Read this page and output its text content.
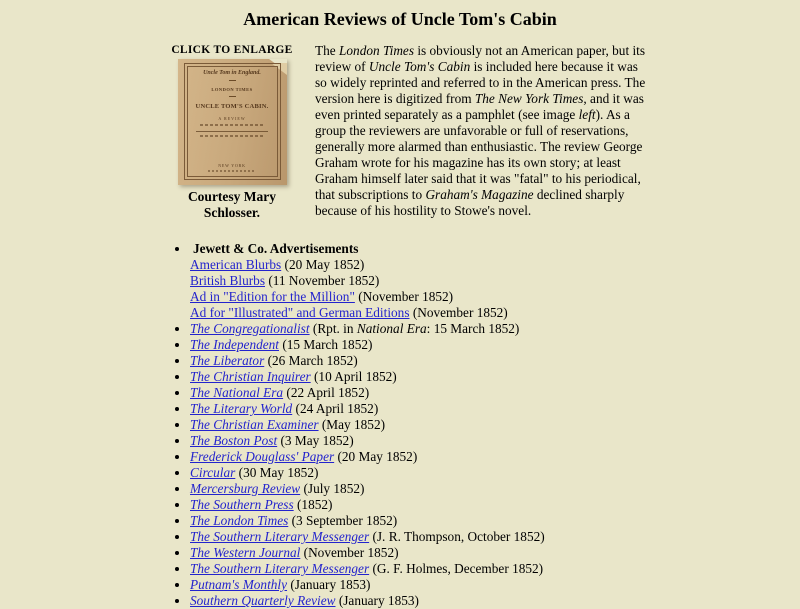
American Reviews of Uncle Tom's Cabin
CLICK TO ENLARGE
Uncle Tom in England.
LONDON TIMES
UNCLE TOM'S CABIN.
A REVIEW
NEW YORK
Courtesy Mary Schlosser.

The London Times is obviously not an American paper, but its review of Uncle Tom's Cabin is included here because it was so widely reprinted and referred to in the American press. The version here is digitized from The New York Times, and it was even printed separately as a pamphlet (see image left). As a group the reviewers are unfavorable or full of reservations, generally more alarmed than enthusiastic. The review George Graham wrote for his magazine has its own story; at least Graham himself later said that it was "fatal" to his periodical, that subscriptions to Graham's Magazine declined sharply because of his hostility to Stowe's novel.

• Jewett & Co. Advertisements
American Blurbs (20 May 1852)
British Blurbs (11 November 1852)
Ad in "Edition for the Million" (November 1852)
Ad for "Illustrated" and German Editions (November 1852)
• The Congregationalist (Rpt. in National Era: 15 March 1852)
• The Independent (15 March 1852)
• The Liberator (26 March 1852)
• The Christian Inquirer (10 April 1852)
• The National Era (22 April 1852)
• The Literary World (24 April 1852)
• The Christian Examiner (May 1852)
• The Boston Post (3 May 1852)
• Frederick Douglass' Paper (20 May 1852)
• Circular (30 May 1852)
• Mercersburg Review (July 1852)
• The Southern Press (1852)
• The London Times (3 September 1852)
• The Southern Literary Messenger (J. R. Thompson, October 1852)
• The Western Journal (November 1852)
• The Southern Literary Messenger (G. F. Holmes, December 1852)
• Putnam's Monthly (January 1853)
• Southern Quarterly Review (January 1853)
